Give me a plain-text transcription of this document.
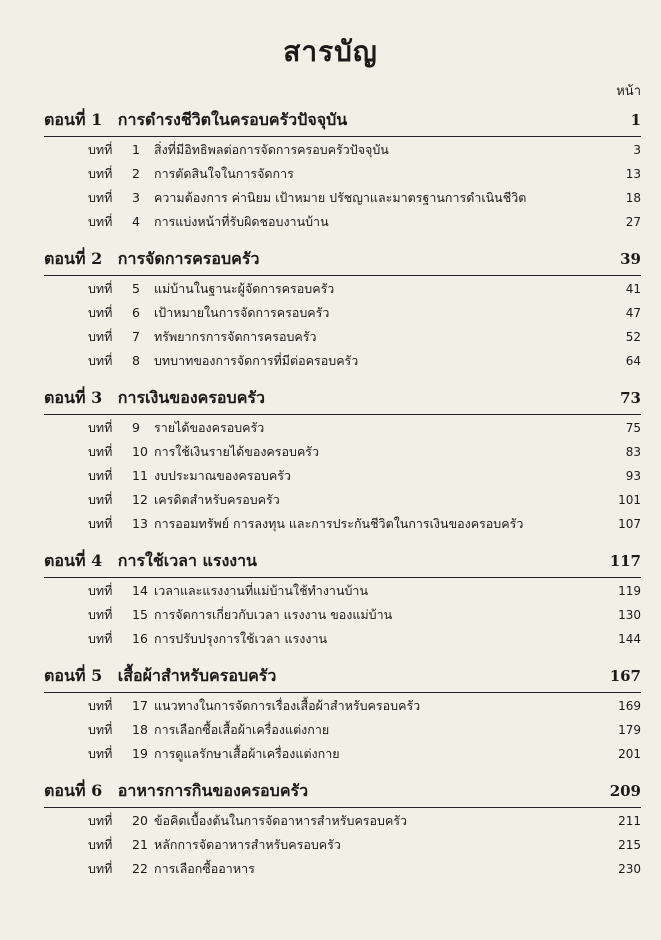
สารบัญ
หน้า
ตอนที่ 1 การดำรงชีวิตในครอบครัวปัจจุบัน	1
บทที่	1	สิ่งที่มีอิทธิพลต่อการจัดการครอบครัวปัจจุบัน	3
บทที่	2	การตัดสินใจในการจัดการ	13
บทที่	3	ความต้องการ ค่านิยม เป้าหมาย ปรัชญาและมาตรฐานการดำเนินชีวิต	18
บทที่	4	การแบ่งหน้าที่รับผิดชอบงานบ้าน	27
ตอนที่ 2 การจัดการครอบครัว	39
บทที่	5	แม่บ้านในฐานะผู้จัดการครอบครัว	41
บทที่	6	เป้าหมายในการจัดการครอบครัว	47
บทที่	7	ทรัพยากรการจัดการครอบครัว	52
บทที่	8	บทบาทของการจัดการที่มีต่อครอบครัว	64
ตอนที่ 3 การเงินของครอบครัว	73
บทที่	9	รายได้ของครอบครัว	75
บทที่	10 การใช้เงินรายได้ของครอบครัว	83
บทที่	11 งบประมาณของครอบครัว	93
บทที่	12 เครดิตสำหรับครอบครัว	101
บทที่	13 การออมทรัพย์ การลงทุน และการประกันชีวิตในการเงินของครอบครัว	107
ตอนที่ 4 การใช้เวลา แรงงาน	117
บทที่	14 เวลาและแรงงานที่แม่บ้านใช้ทำงานบ้าน	119
บทที่	15 การจัดการเกี่ยวกับเวลา แรงงาน ของแม่บ้าน	130
บทที่	16 การปรับปรุงการใช้เวลา แรงงาน	144
ตอนที่ 5 เสื้อผ้าสำหรับครอบครัว	167
บทที่	17 แนวทางในการจัดการเรื่องเสื้อผ้าสำหรับครอบครัว	169
บทที่	18 การเลือกซื้อเสื้อผ้าเครื่องแต่งกาย	179
บทที่	19 การดูแลรักษาเสื้อผ้าเครื่องแต่งกาย	201
ตอนที่ 6 อาหารการกินของครอบครัว	209
บทที่	20 ข้อคิดเบื้องต้นในการจัดอาหารสำหรับครอบครัว	211
บทที่	21 หลักการจัดอาหารสำหรับครอบครัว	215
บทที่	22 การเลือกซื้ออาหาร	230
